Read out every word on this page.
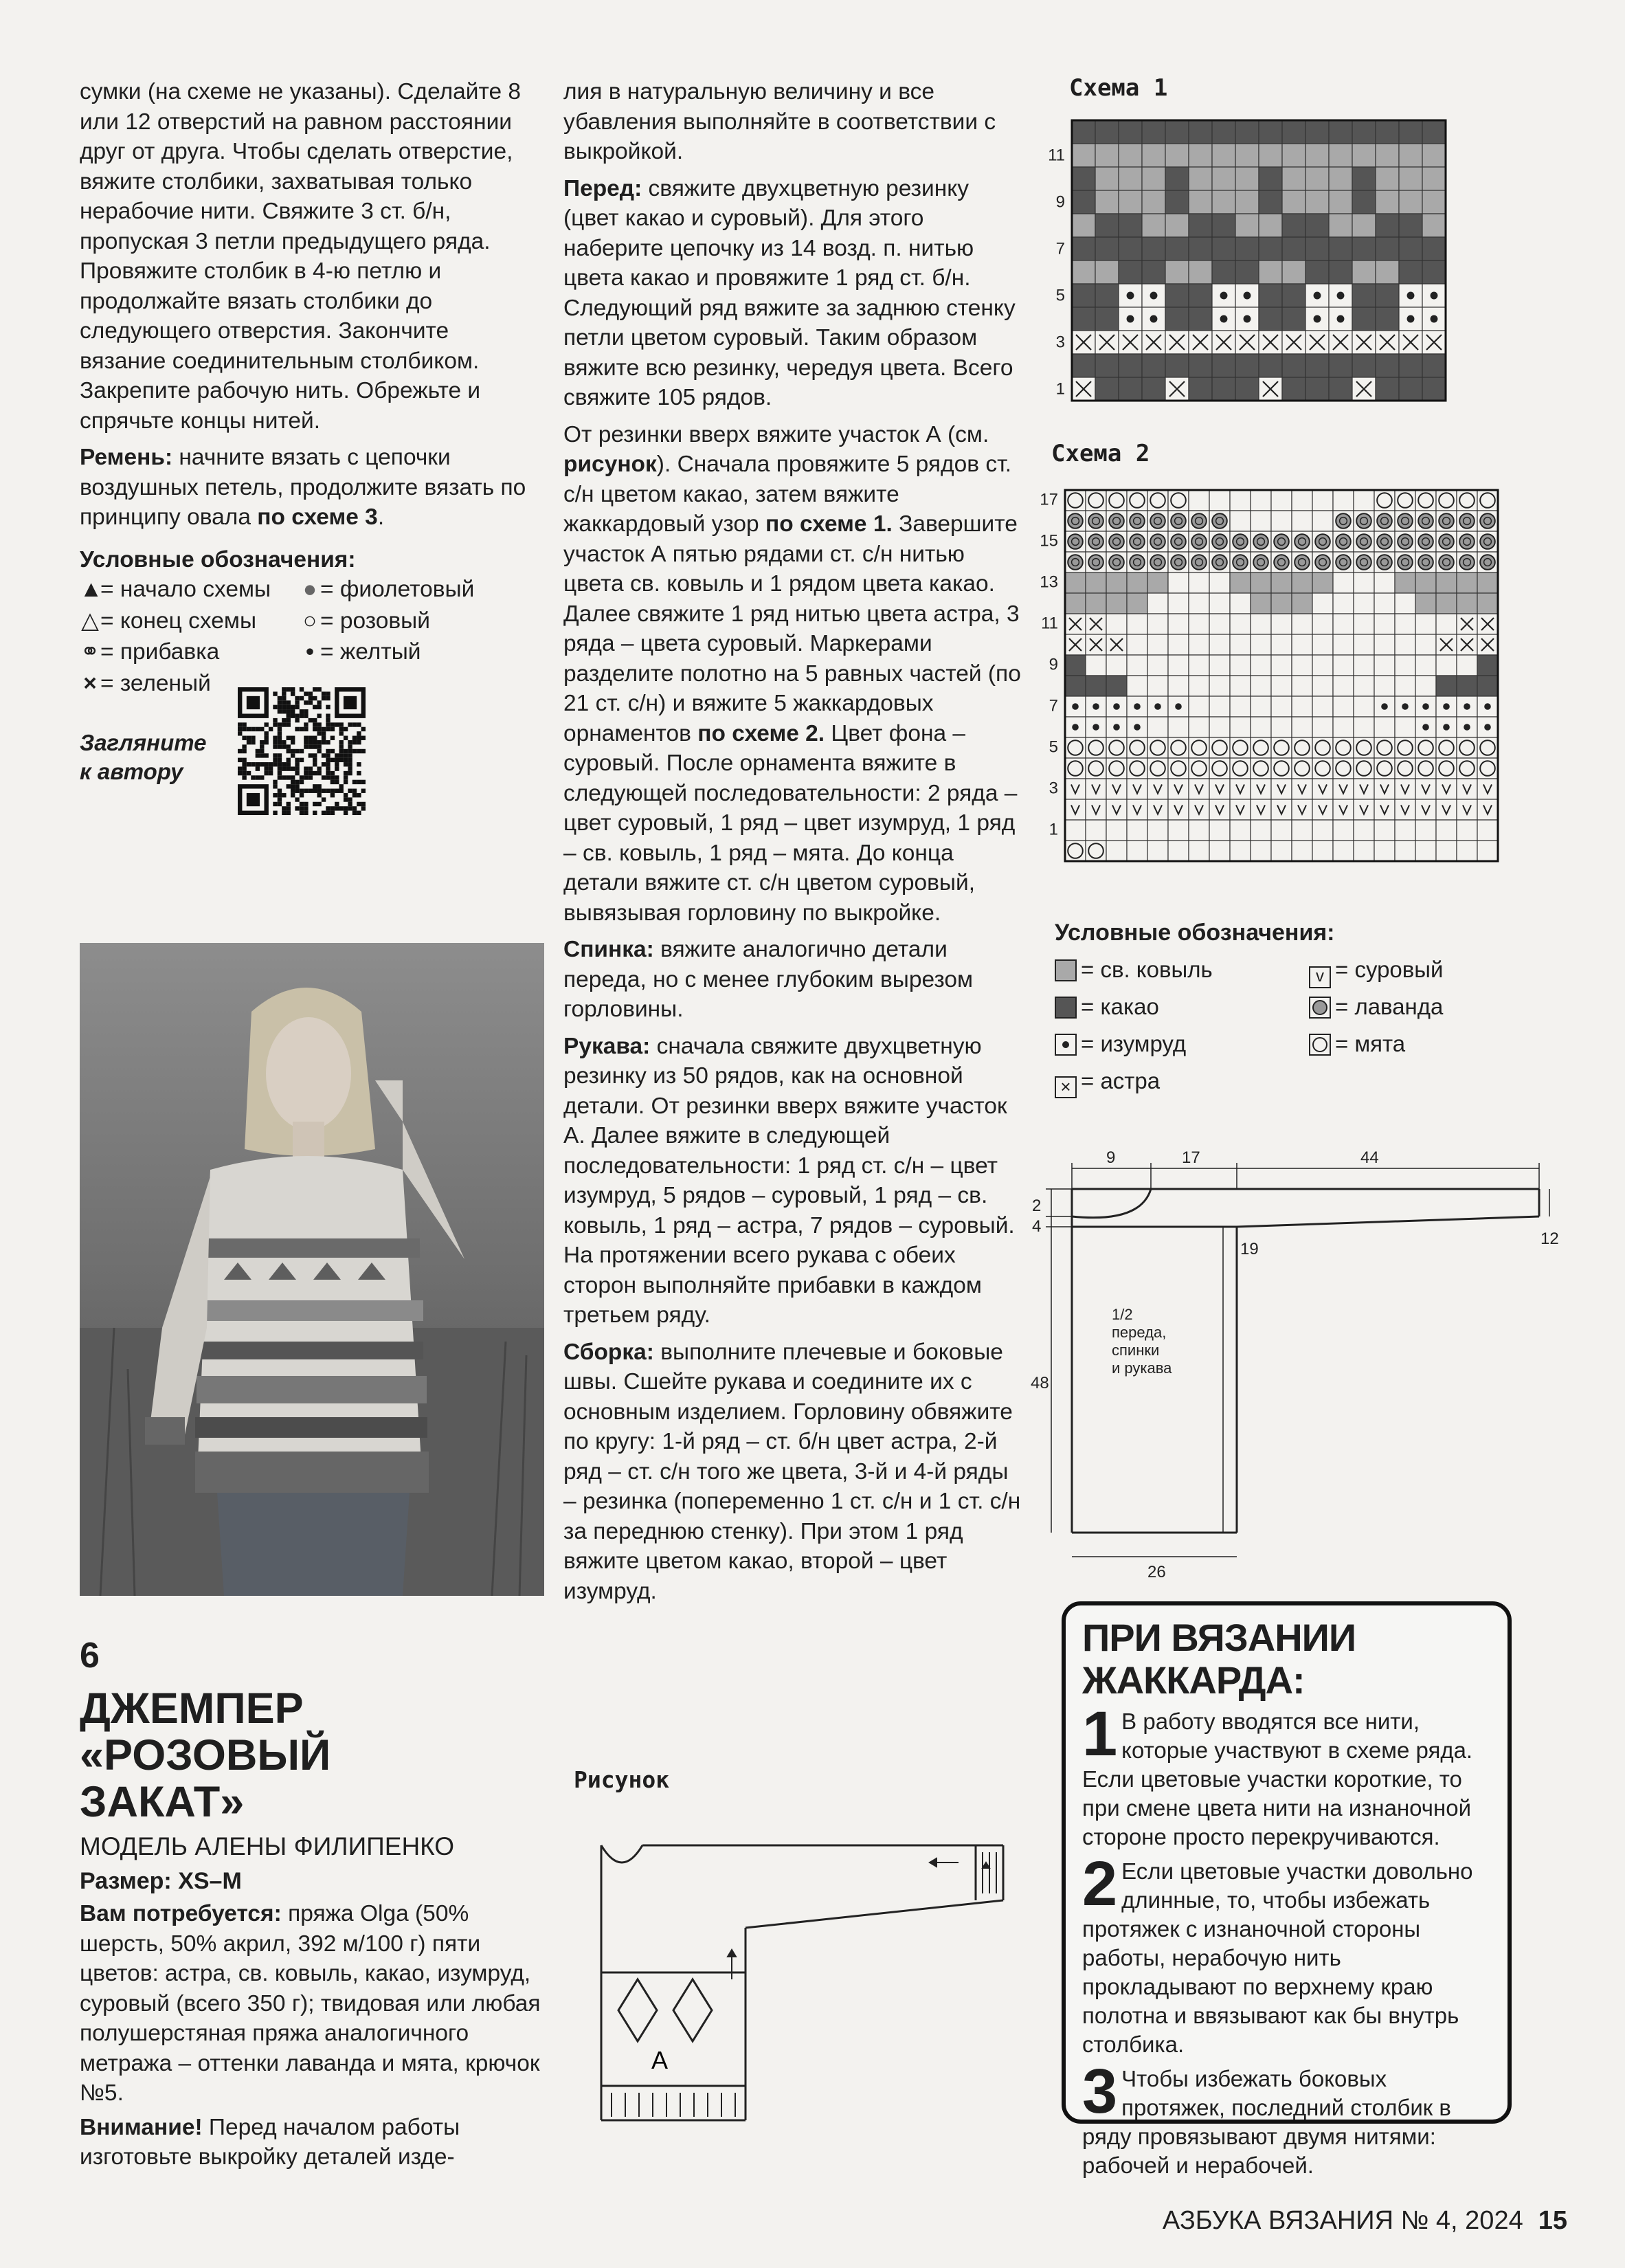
сумки (на схеме не указаны). Сделайте 8 или 12 отверстий на равном расстоянии друг от друга. Чтобы сделать отверстие, вяжите столбики, захватывая только нерабочие нити. Свяжите 3 ст. б/н, пропуская 3 петли предыдущего ряда. Провяжите столбик в 4-ю петлю и продолжайте вязать столбики до следующего отверстия. Закончите вязание соединительным столбиком. Закрепите рабочую нить. Обрежьте и спрячьте концы нитей.

Ремень: начните вязать с цепочки воздушных петель, продолжите вязать по принципу овала по схеме 3.

Условные обозначения:
▲= начало схемы	● = фиолетовый
△= конец схемы	○ = розовый
⚭= прибавка	• = желтый
× = зеленый
Загляните
к автору
6
ДЖЕМПЕР «РОЗОВЫЙ
ЗАКАТ»
МОДЕЛЬ АЛЕНЫ ФИЛИПЕНКО
Размер: XS–M
Вам потребуется: пряжа Olga (50% шерсть, 50% акрил, 392 м/100 г) пяти цветов: астра, св. ковыль, какао, изумруд, суровый (всего 350 г); твидовая или любая полушерстяная пряжа аналогичного метража – оттенки лаванда и мята, крючок №5.
Внимание! Перед началом работы изготовьте выкройку деталей изде-

лия в натуральную величину и все убавления выполняйте в соответствии с выкройкой.

Перед: свяжите двухцветную резинку (цвет какао и суровый). Для этого наберите цепочку из 14 возд. п. нитью цвета какао и провяжите 1 ряд ст. б/н. Следующий ряд вяжите за заднюю стенку петли цветом суровый. Таким образом вяжите всю резинку, чередуя цвета. Всего свяжите 105 рядов.

От резинки вверх вяжите участок А (см. рисунок). Сначала провяжите 5 рядов ст. с/н цветом какао, затем вяжите жаккардовый узор по схеме 1. Завершите участок А пятью рядами ст. с/н нитью цвета св. ковыль и 1 рядом цвета какао. Далее свяжите 1 ряд нитью цвета астра, 3 ряда – цвета суровый. Маркерами разделите полотно на 5 равных частей (по 21 ст. с/н) и вяжите 5 жаккардовых орнаментов по схеме 2. Цвет фона – суровый. После орнамента вяжите в следующей последовательности: 2 ряда – цвет суровый, 1 ряд – цвет изумруд, 1 ряд – св. ковыль, 1 ряд – мята. До конца детали вяжите ст. с/н цветом суровый, вывязывая горловину по выкройке.

Спинка: вяжите аналогично детали переда, но с менее глубоким вырезом горловины.

Рукава: сначала свяжите двухцветную резинку из 50 рядов, как на основной детали. От резинки вверх вяжите участок А. Далее вяжите в следующей последовательности: 1 ряд ст. с/н – цвет изумруд, 5 рядов – суровый, 1 ряд – св. ковыль, 1 ряд – астра, 7 рядов – суровый. На протяжении всего рукава с обеих сторон выполняйте прибавки в каждом третьем ряду.

Сборка: выполните плечевые и боковые швы. Сшейте рукава и соедините их с основным изделием. Горловину обвяжите по кругу: 1-й ряд – ст. б/н цвет астра, 2-й ряд – ст. с/н того же цвета, 3-й и 4-й ряды – резинка (попеременно 1 ст. с/н и 1 ст. с/н за переднюю стенку). При этом 1 ряд вяжите цветом какао, второй – цвет изумруд.

Рисунок
А
Схема 1
11
9
7
5
3
1
Схема 2
17
15
13
11
9
7
5
3
1
Условные обозначения:
= св. ковыль	v = суровый
= какао	= лаванда
= изумруд	= мята
× = астра
9	17	44
2
4
12
19
48
26
1/2
переда,
спинки
и рукава
ПРИ ВЯЗАНИИ ЖАККАРДА:
1 В работу вводятся все нити, которые участвуют в схеме ряда. Если цветовые участки короткие, то при смене цвета нити на изнаночной стороне просто перекручиваются.
2 Если цветовые участки довольно длинные, то, чтобы избежать протяжек с изнаночной стороны работы, нерабочую нить прокладывают по верхнему краю полотна и ввязывают как бы внутрь столбика.
3 Чтобы избежать боковых протяжек, последний столбик в ряду провязывают двумя нитями: рабочей и нерабочей.
АЗБУКА ВЯЗАНИЯ № 4, 2024 15
